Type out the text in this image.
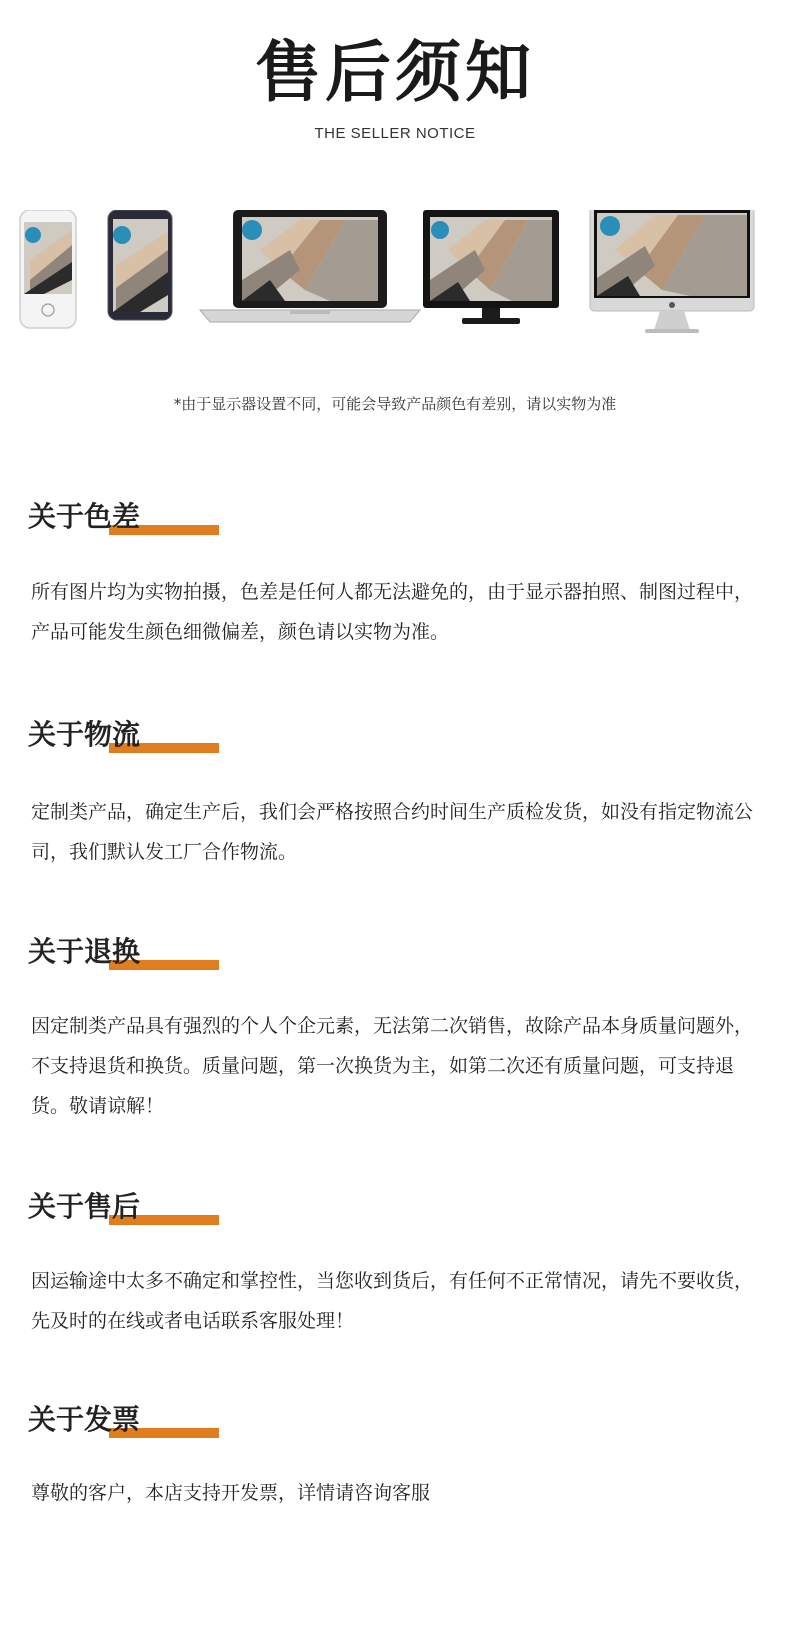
售后须知
THE SELLER NOTICE
*由于显示器设置不同，可能会导致产品颜色有差别，请以实物为准
关于色差

所有图片均为实物拍摄，色差是任何人都无法避免的，由于显示器拍照、制图过程中，产品可能发生颜色细微偏差，颜色请以实物为准。

关于物流

定制类产品，确定生产后，我们会严格按照合约时间生产质检发货，如没有指定物流公司，我们默认发工厂合作物流。

关于退换

因定制类产品具有强烈的个人个企元素，无法第二次销售，故除产品本身质量问题外，不支持退货和换货。质量问题，第一次换货为主，如第二次还有质量问题，可支持退货。敬请谅解！

关于售后

因运输途中太多不确定和掌控性，当您收到货后，有任何不正常情况，请先不要收货，先及时的在线或者电话联系客服处理！

关于发票

尊敬的客户，本店支持开发票，详情请咨询客服
